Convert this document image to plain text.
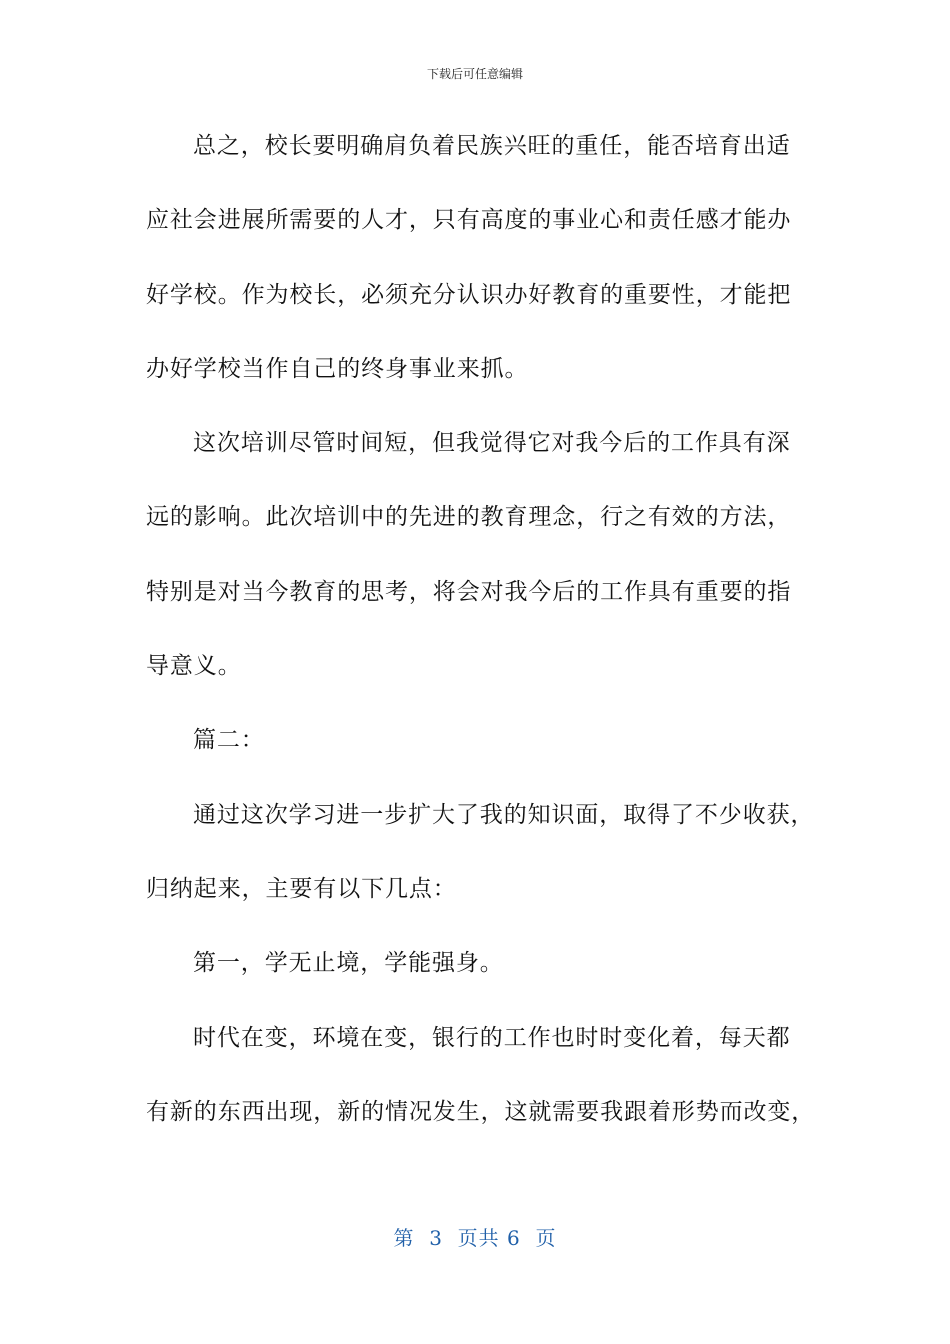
下载后可任意编辑
总之，校长要明确肩负着民族兴旺的重任，能否培育出适
应社会进展所需要的人才，只有高度的事业心和责任感才能办
好学校。作为校长，必须充分认识办好教育的重要性，才能把
办好学校当作自己的终身事业来抓。
这次培训尽管时间短，但我觉得它对我今后的工作具有深
远的影响。此次培训中的先进的教育理念，行之有效的方法，
特别是对当今教育的思考，将会对我今后的工作具有重要的指
导意义。
篇二：
通过这次学习进一步扩大了我的知识面，取得了不少收获，
归纳起来，主要有以下几点：
第一，学无止境，学能强身。
时代在变，环境在变，银行的工作也时时变化着，每天都
有新的东西出现，新的情况发生，这就需要我跟着形势而改变，
第  3  页共 6  页
